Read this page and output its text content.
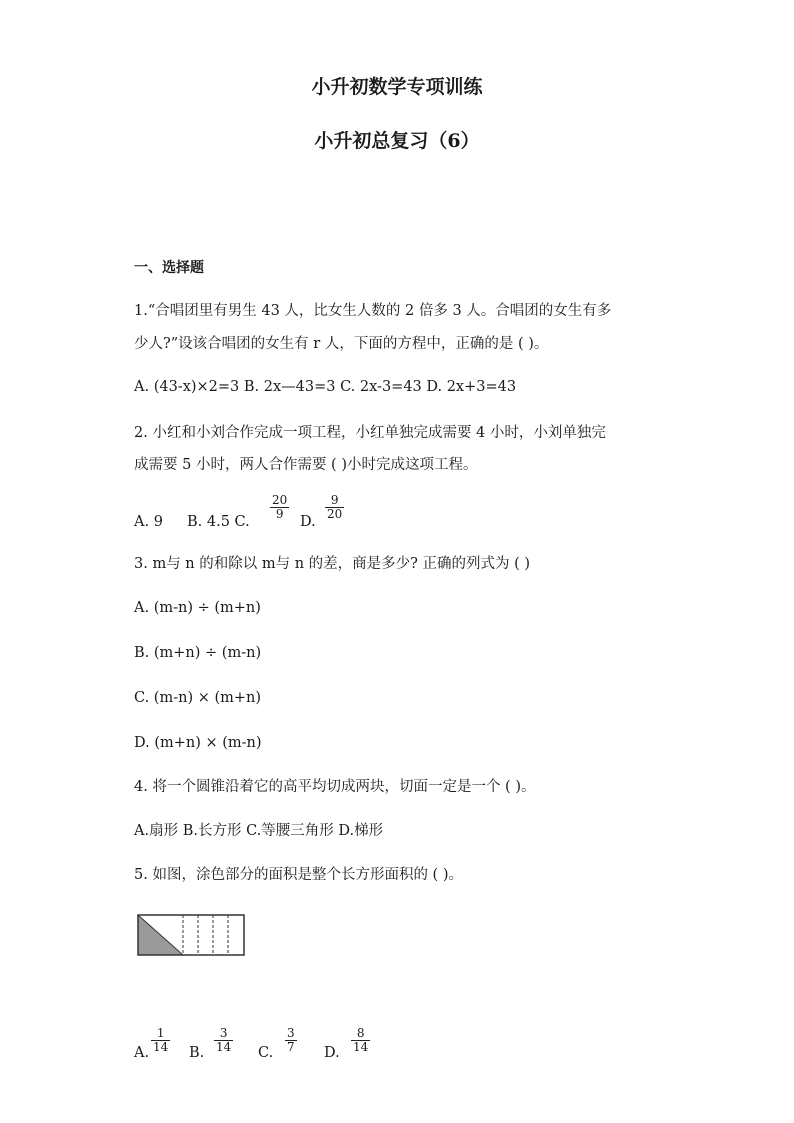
小升初数学专项训练
小升初总复习（6）
一、选择题
1.“合唱团里有男生 43 人，比女生人数的 2 倍多 3 人。合唱团的女生有多
少人?”设该合唱团的女生有 r 人，下面的方程中，正确的是 ( )。
A. (43-x)×2=3 B. 2x—43=3 C. 2x-3=43 D. 2x+3=43
2. 小红和小刘合作完成一项工程，小红单独完成需要 4 小时，小刘单独完
成需要 5 小时，两人合作需要 ( )小时完成这项工程。
A. 9 B. 4.5 C.
20
9	D.
9
20
3. m与 n 的和除以 m与 n 的差，商是多少? 正确的列式为 ( )
A. (m-n) ÷ (m+n)
B. (m+n) ÷ (m-n)
C. (m-n) × (m+n)
D. (m+n) × (m-n)
4. 将一个圆锥沿着它的高平均切成两块，切面一定是一个 ( )。
A.扇形 B.长方形 C.等腰三角形 D.梯形
5. 如图，涂色部分的面积是整个长方形面积的 ( )。
A.
1
14 B.
3
14 C.
3
7 D.
8
14
